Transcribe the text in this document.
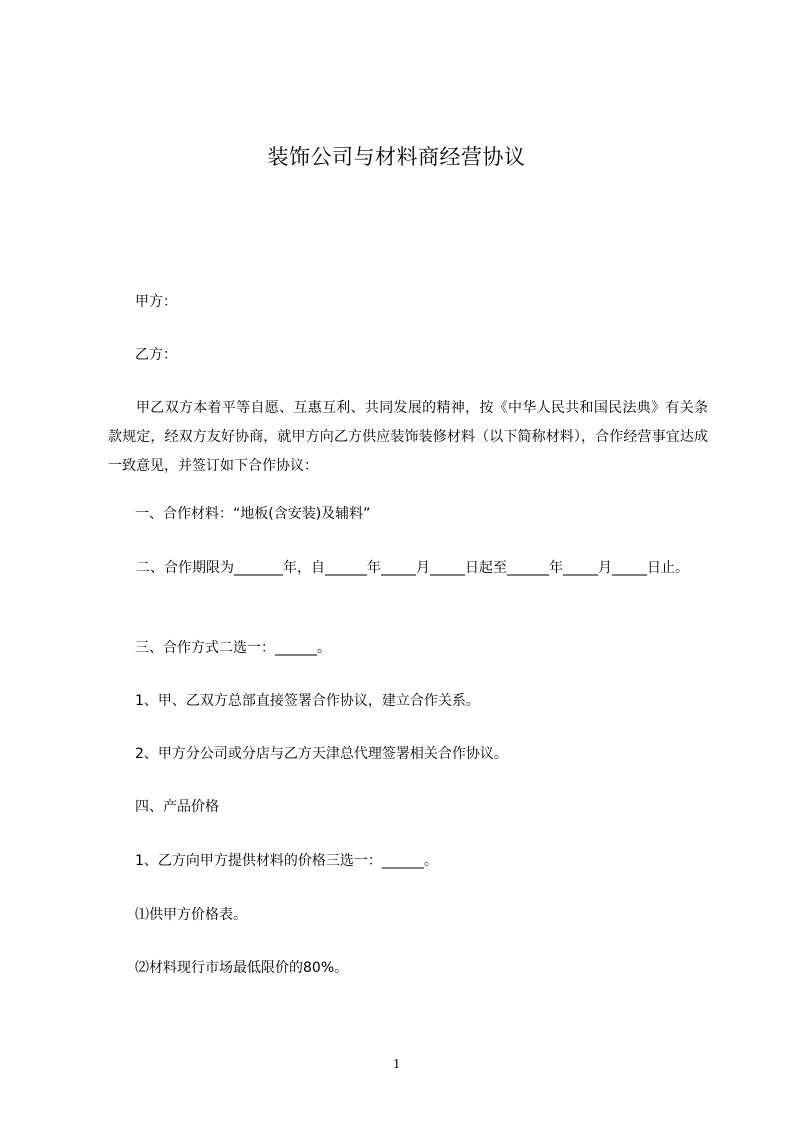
装饰公司与材料商经营协议
甲方：
乙方：
甲乙双方本着平等自愿、互惠互利、共同发展的精神，按《中华人民共和国民法典》有关条款规定，经双方友好协商，就甲方向乙方供应装饰装修材料（以下简称材料），合作经营事宜达成一致意见，并签订如下合作协议：
一、合作材料：“地板(含安装)及辅料”
二、合作期限为_______年，自______年_____月_____日起至______年_____月_____日止。
三、合作方式二选一：______。
1、甲、乙双方总部直接签署合作协议，建立合作关系。
2、甲方分公司或分店与乙方天津总代理签署相关合作协议。
四、产品价格
1、乙方向甲方提供材料的价格三选一：______。
⑴供甲方价格表。
⑵材料现行市场最低限价的80%。
1
